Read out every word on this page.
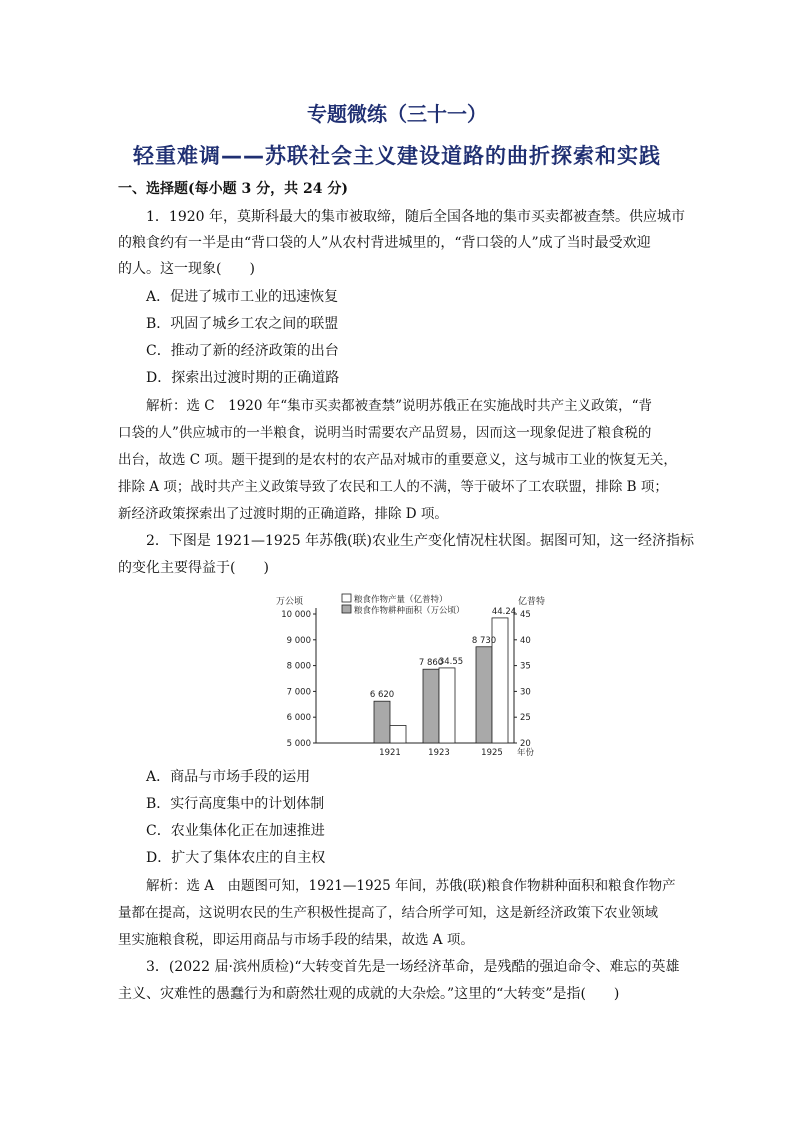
专题微练（三十一）
轻重难调——苏联社会主义建设道路的曲折探索和实践
一、选择题(每小题 3 分，共 24 分)
1．1920 年，莫斯科最大的集市被取缔，随后全国各地的集市买卖都被查禁。供应城市
的粮食约有一半是由“背口袋的人”从农村背进城里的，“背口袋的人”成了当时最受欢迎
的人。这一现象(　　)
A．促进了城市工业的迅速恢复
B．巩固了城乡工农之间的联盟
C．推动了新的经济政策的出台
D．探索出过渡时期的正确道路
解析：选 C　1920 年“集市买卖都被查禁”说明苏俄正在实施战时共产主义政策，“背
口袋的人”供应城市的一半粮食，说明当时需要农产品贸易，因而这一现象促进了粮食税的
出台，故选 C 项。题干提到的是农村的农产品对城市的重要意义，这与城市工业的恢复无关，
排除 A 项；战时共产主义政策导致了农民和工人的不满，等于破坏了工农联盟，排除 B 项；
新经济政策探索出了过渡时期的正确道路，排除 D 项。
2．下图是 1921—1925 年苏俄(联)农业生产变化情况柱状图。据图可知，这一经济指标
的变化主要得益于(　　)
万公顷	亿普特
年份
10 000
9 000
8 000
7 000
6 000
5 000
45
40
35
30
25
20
6 620
1921
7 860
34.55
1923
8 730
44.24
1925
粮食作物产量（亿普特）
粮食作物耕种面积（万公顷）
A．商品与市场手段的运用
B．实行高度集中的计划体制
C．农业集体化正在加速推进
D．扩大了集体农庄的自主权
解析：选 A　由题图可知，1921—1925 年间，苏俄(联)粮食作物耕种面积和粮食作物产
量都在提高，这说明农民的生产积极性提高了，结合所学可知，这是新经济政策下农业领域
里实施粮食税，即运用商品与市场手段的结果，故选 A 项。
3．(2022 届·滨州质检)“大转变首先是一场经济革命，是残酷的强迫命令、难忘的英雄
主义、灾难性的愚蠢行为和蔚然壮观的成就的大杂烩。”这里的“大转变”是指(　　)
